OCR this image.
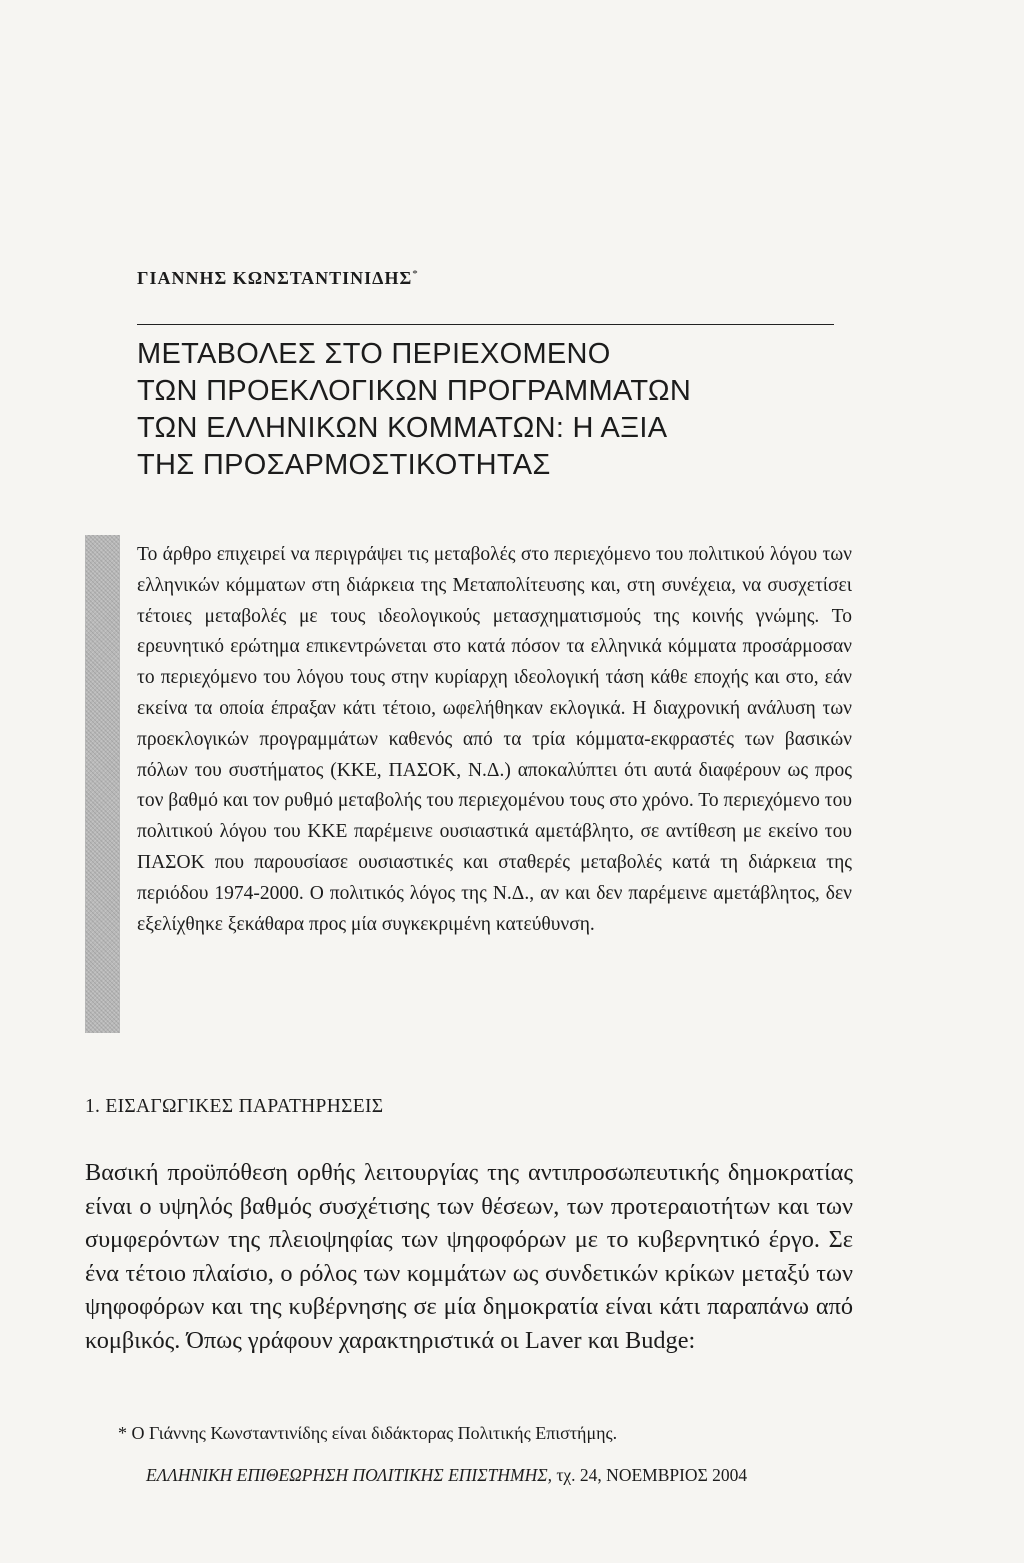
ΓΙΑΝΝΗΣ ΚΩΝΣΤΑΝΤΙΝΙΔΗΣ*
ΜΕΤΑΒΟΛΕΣ ΣΤΟ ΠΕΡΙΕΧΟΜΕΝΟ
ΤΩΝ ΠΡΟΕΚΛΟΓΙΚΩΝ ΠΡΟΓΡΑΜΜΑΤΩΝ
ΤΩΝ ΕΛΛΗΝΙΚΩΝ ΚΟΜΜΑΤΩΝ: Η ΑΞΙΑ
ΤΗΣ ΠΡΟΣΑΡΜΟΣΤΙΚΟΤΗΤΑΣ

Το άρθρο επιχειρεί να περιγράψει τις μεταβολές στο περιεχόμενο του πολιτικού λόγου των ελληνικών κόμματων στη διάρκεια της Μεταπολίτευσης και, στη συνέχεια, να συσχετίσει τέτοιες μεταβολές με τους ιδεολογικούς μετασχηματισμούς της κοινής γνώμης. Το ερευνητικό ερώτημα επικεντρώνεται στο κατά πόσον τα ελληνικά κόμματα προσάρμοσαν το περιεχόμενο του λόγου τους στην κυρίαρχη ιδεολογική τάση κάθε εποχής και στο, εάν εκείνα τα οποία έπραξαν κάτι τέτοιο, ωφελήθηκαν εκλογικά. Η διαχρονική ανάλυση των προεκλογικών προγραμμάτων καθενός από τα τρία κόμματα-εκφραστές των βασικών πόλων του συστήματος (ΚΚΕ, ΠΑΣΟΚ, Ν.Δ.) αποκαλύπτει ότι αυτά διαφέρουν ως προς τον βαθμό και τον ρυθμό μεταβολής του περιεχομένου τους στο χρόνο. Το περιεχόμενο του πολιτικού λόγου του ΚΚΕ παρέμεινε ουσιαστικά αμετάβλητο, σε αντίθεση με εκείνο του ΠΑΣΟΚ που παρουσίασε ουσιαστικές και σταθερές μεταβολές κατά τη διάρκεια της περιόδου 1974-2000. Ο πολιτικός λόγος της Ν.Δ., αν και δεν παρέμεινε αμετάβλητος, δεν εξελίχθηκε ξεκάθαρα προς μία συγκεκριμένη κατεύθυνση.

1. ΕΙΣΑΓΩΓΙΚΕΣ ΠΑΡΑΤΗΡΗΣΕΙΣ

Βασική προϋπόθεση ορθής λειτουργίας της αντιπροσωπευτικής δημοκρατίας είναι ο υψηλός βαθμός συσχέτισης των θέσεων, των προτεραιοτήτων και των συμφερόντων της πλειοψηφίας των ψηφοφόρων με το κυβερνητικό έργο. Σε ένα τέτοιο πλαίσιο, ο ρόλος των κομμάτων ως συνδετικών κρίκων μεταξύ των ψηφοφόρων και της κυβέρνησης σε μία δημοκρατία είναι κάτι παραπάνω από κομβικός. Όπως γράφουν χαρακτηριστικά οι Laver και Budge:

* Ο Γιάννης Κωνσταντινίδης είναι διδάκτορας Πολιτικής Επιστήμης.
ΕΛΛΗΝΙΚΗ ΕΠΙΘΕΩΡΗΣΗ ΠΟΛΙΤΙΚΗΣ ΕΠΙΣΤΗΜΗΣ, τχ. 24, ΝΟΕΜΒΡΙΟΣ 2004
